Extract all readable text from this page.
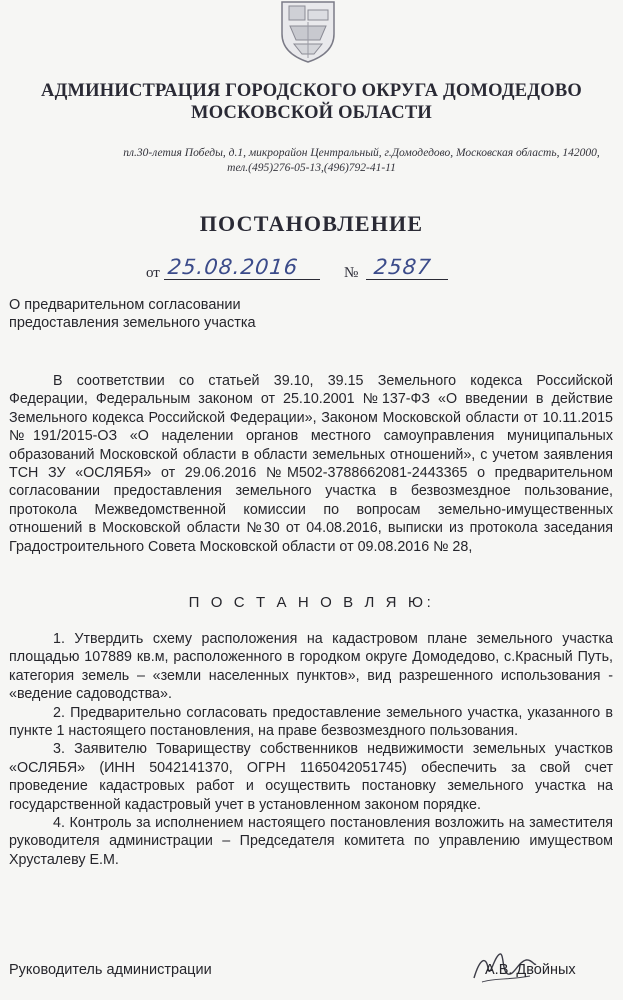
АДМИНИСТРАЦИЯ ГОРОДСКОГО ОКРУГА ДОМОДЕДОВО
МОСКОВСКОЙ ОБЛАСТИ
пл.30-летия Победы, д.1, микрорайон Центральный, г.Домодедово, Московская область, 142000,
тел.(495)276-05-13,(496)792-41-11
ПОСТАНОВЛЕНИЕ
от 25.08.2016	№ 2587
О предварительном согласовании
предоставления земельного участка

В соответствии со статьей 39.10, 39.15 Земельного кодекса Российской Федерации, Федеральным законом от 25.10.2001 №137-ФЗ «О введении в действие Земельного кодекса Российской Федерации», Законом Московской области от 10.11.2015 №191/2015-ОЗ «О наделении органов местного самоуправления муниципальных образований Московской области в области земельных отношений», с учетом заявления ТСН ЗУ «ОСЛЯБЯ» от 29.06.2016 №М502-3788662081-2443365 о предварительном согласовании предоставления земельного участка в безвозмездное пользование, протокола Межведомственной комиссии по вопросам земельно-имущественных отношений в Московской области №30 от 04.08.2016, выписки из протокола заседания Градостроительного Совета Московской области от 09.08.2016 № 28,

П О С Т А Н О В Л Я Ю:

1. Утвердить схему расположения на кадастровом плане земельного участка площадью 107889 кв.м, расположенного в городком округе Домодедово, с.Красный Путь, категория земель – «земли населенных пунктов», вид разрешенного использования - «ведение садоводства».

2. Предварительно согласовать предоставление земельного участка, указанного в пункте 1 настоящего постановления, на праве безвозмездного пользования.

3. Заявителю Товариществу собственников недвижимости земельных участков «ОСЛЯБЯ» (ИНН 5042141370, ОГРН 1165042051745) обеспечить за свой счет проведение кадастровых работ и осуществить постановку земельного участка на государственной кадастровый учет в установленном законом порядке.

4. Контроль за исполнением настоящего постановления возложить на заместителя руководителя администрации – Председателя комитета по управлению имуществом Хрусталеву Е.М.

Руководитель администрации	А.В. Двойных
